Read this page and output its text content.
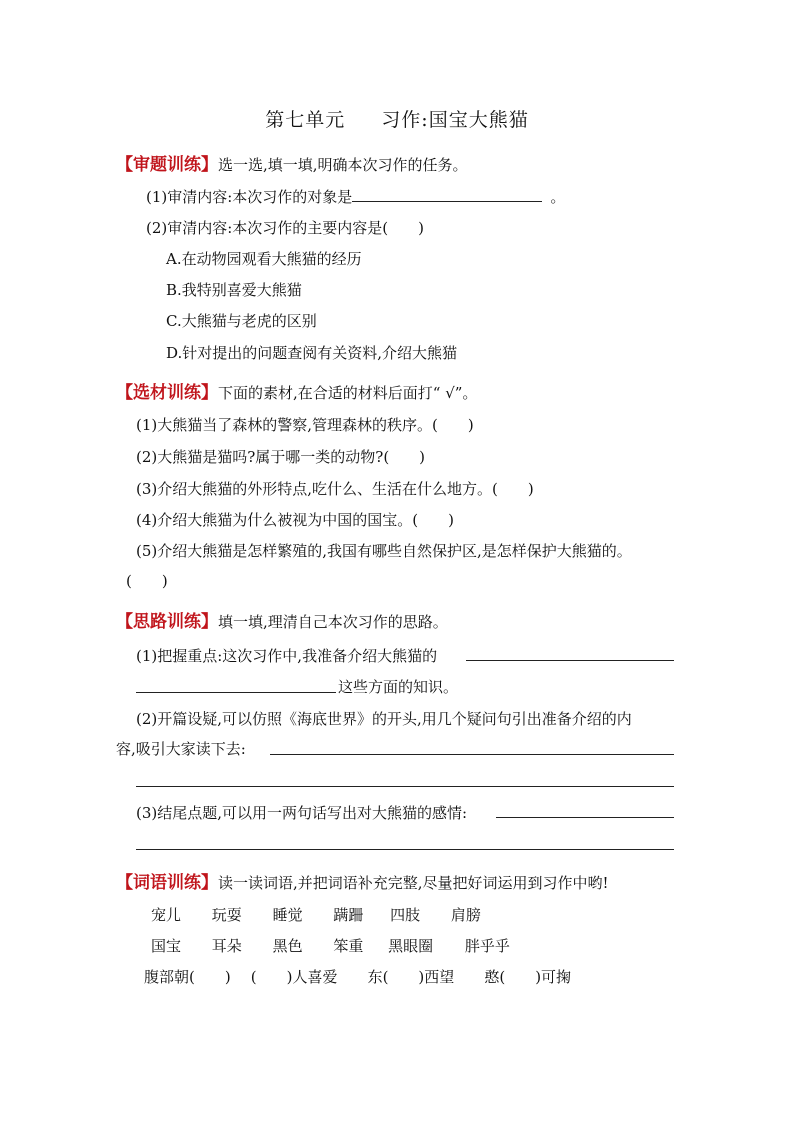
第七单元 习作:国宝大熊猫
【审题训练】选一选,填一填,明确本次习作的任务。
(1)审清内容:本次习作的对象是	。
(2)审清内容:本次习作的主要内容是(　　)
A.在动物园观看大熊猫的经历
B.我特别喜爱大熊猫
C.大熊猫与老虎的区别
D.针对提出的问题查阅有关资料,介绍大熊猫
【选材训练】下面的素材,在合适的材料后面打“ √”。
(1)大熊猫当了森林的警察,管理森林的秩序。(　　)
(2)大熊猫是猫吗?属于哪一类的动物?(　　)
(3)介绍大熊猫的外形特点,吃什么、生活在什么地方。(　　)
(4)介绍大熊猫为什么被视为中国的国宝。(　　)
(5)介绍大熊猫是怎样繁殖的,我国有哪些自然保护区,是怎样保护大熊猫的。
(　　)
【思路训练】填一填,理清自己本次习作的思路。
(1)把握重点:这次习作中,我准备介绍大熊猫的
这些方面的知识。
(2)开篇设疑,可以仿照《海底世界》的开头,用几个疑问句引出准备介绍的内
容,吸引大家读下去:
(3)结尾点题,可以用一两句话写出对大熊猫的感情:
【词语训练】读一读词语,并把词语补充完整,尽量把好词运用到习作中哟!
宠儿 玩耍 睡觉 蹒跚 四肢 肩膀
国宝 耳朵 黑色 笨重 黑眼圈 胖乎乎
腹部朝(　　) (　　)人喜爱 东(　　)西望 憨(　　)可掬
